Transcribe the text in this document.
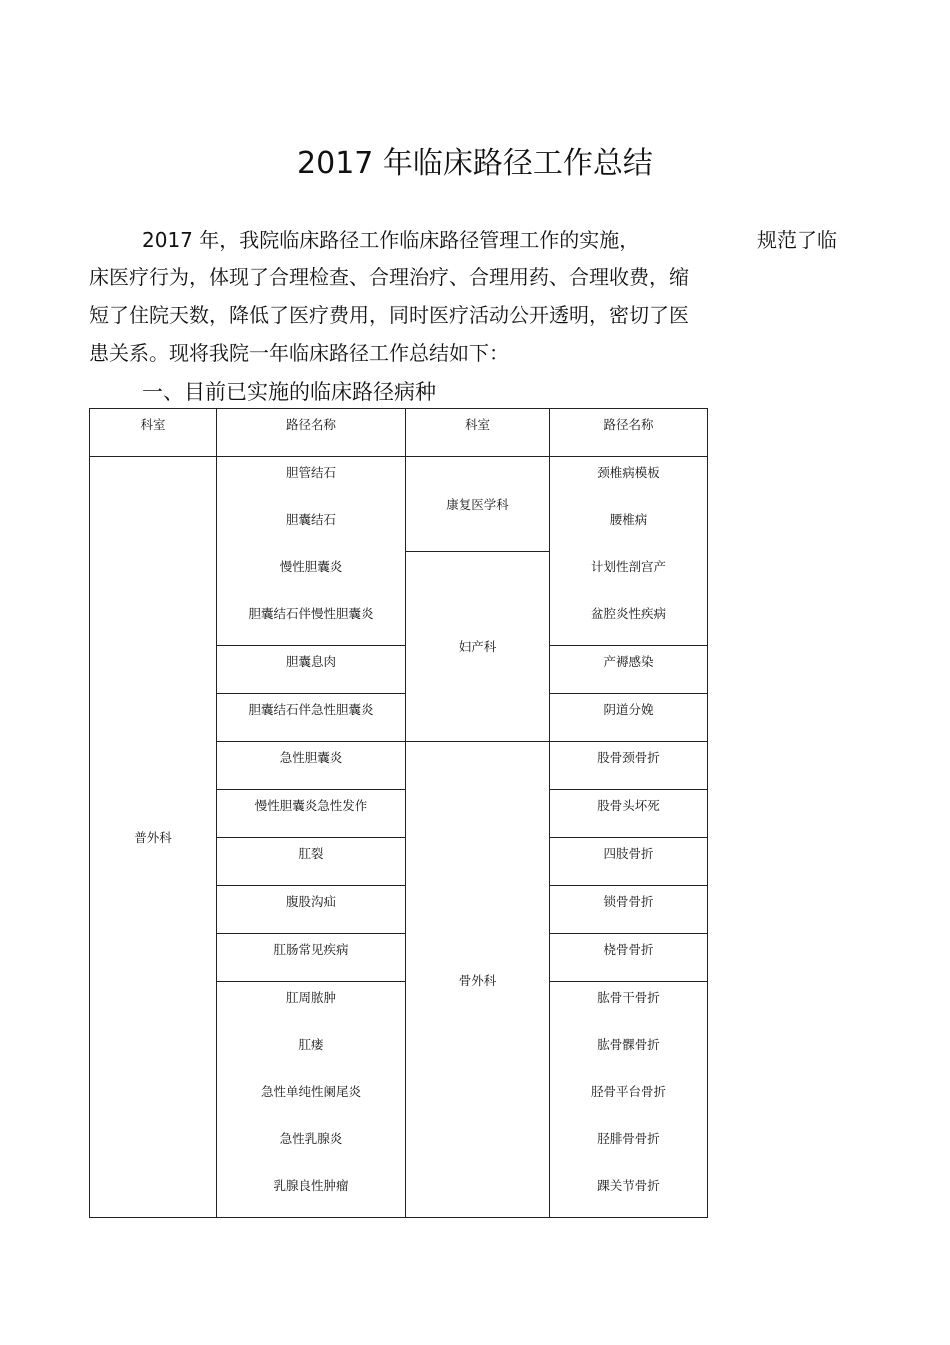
2017 年临床路径工作总结

2017 年，我院临床路径工作临床路径管理工作的实施，	规范了临

床医疗行为，体现了合理检查、合理治疗、合理用药、合理收费，缩

短了住院天数，降低了医疗费用，同时医疗活动公开透明，密切了医

患关系。现将我院一年临床路径工作总结如下：

一、目前已实施的临床路径病种

科室	路径名称	科室	路径名称
普外科	胆管结石	康复医学科	颈椎病模板
	胆囊结石		腰椎病
	慢性胆囊炎	妇产科	计划性剖宫产
	胆囊结石伴慢性胆囊炎		盆腔炎性疾病
	胆囊息肉		产褥感染
	胆囊结石伴急性胆囊炎		阴道分娩
	急性胆囊炎	骨外科	股骨颈骨折
	慢性胆囊炎急性发作		股骨头坏死
	肛裂		四肢骨折
	腹股沟疝		锁骨骨折
	肛肠常见疾病		桡骨骨折
	肛周脓肿		肱骨干骨折
	肛瘘		肱骨髁骨折
	急性单纯性阑尾炎		胫骨平台骨折
	急性乳腺炎		胫腓骨骨折
	乳腺良性肿瘤		踝关节骨折
